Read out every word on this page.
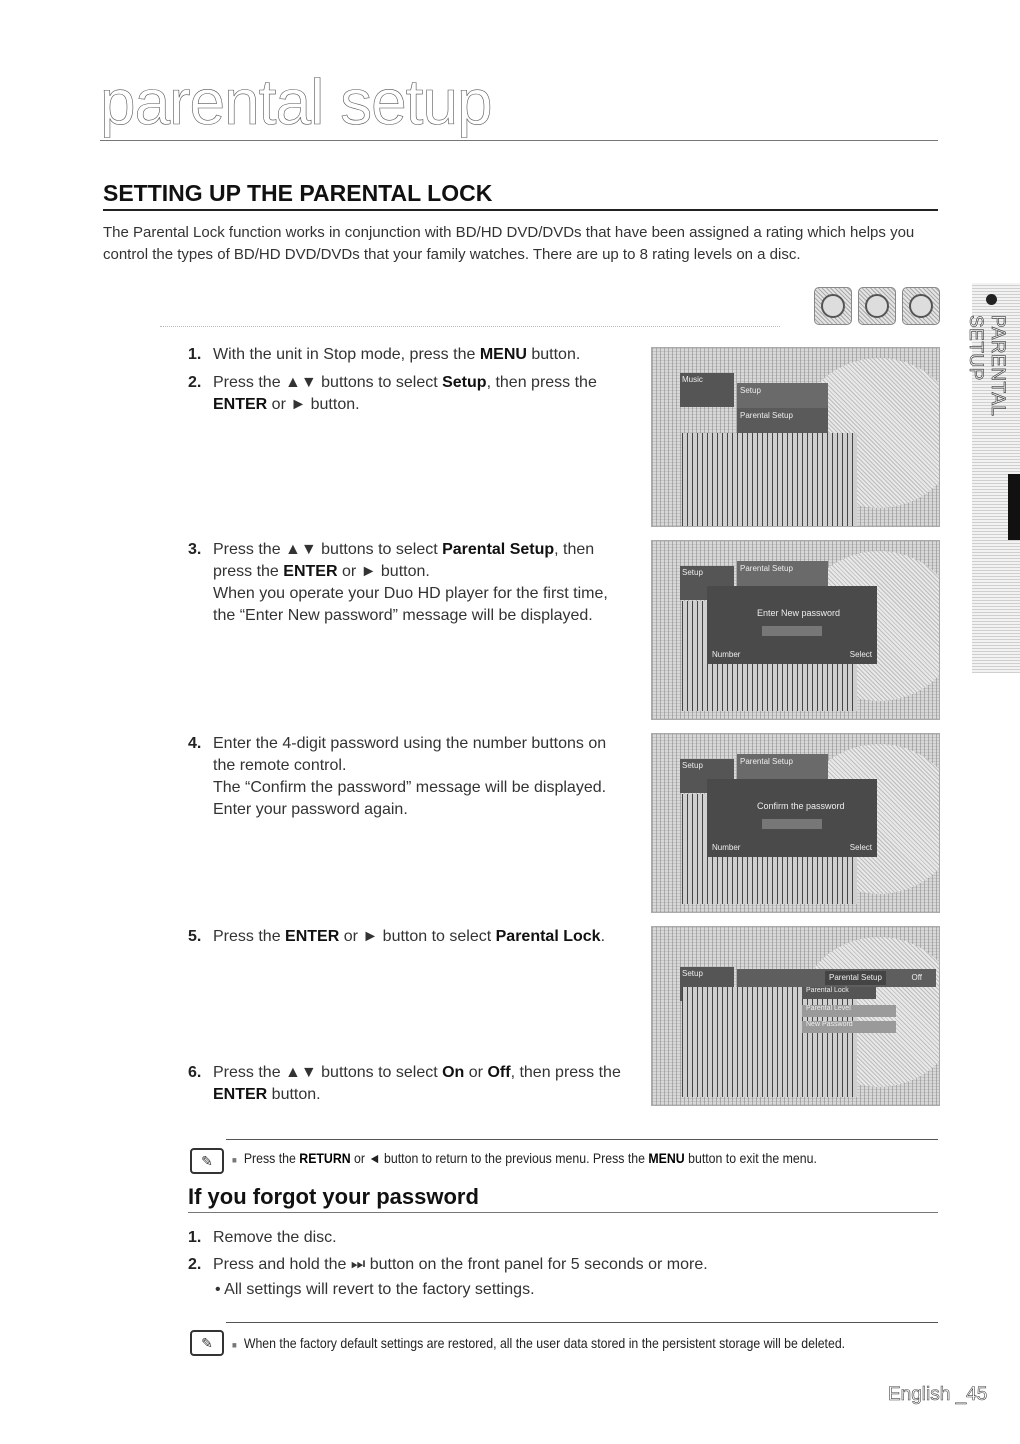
parental setup
SETTING UP THE PARENTAL LOCK
The Parental Lock function works in conjunction with BD/HD DVD/DVDs that have been assigned a rating which helps you control the types of BD/HD DVD/DVDs that your family watches. There are up to 8 rating levels on a disc.
PARENTAL SETUP
1. With the unit in Stop mode, press the MENU button.
2. Press the ▲▼ buttons to select Setup, then press the ENTER or ► button.
3. Press the ▲▼ buttons to select Parental Setup, then press the ENTER or ► button.
When you operate your Duo HD player for the first time, the “Enter New password” message will be displayed.
4. Enter the 4-digit password using the number buttons on the remote control.
The “Confirm the password” message will be displayed. Enter your password again.
5. Press the ENTER or ► button to select Parental Lock.
6. Press the ▲▼ buttons to select On or Off, then press the ENTER button.
Music
Setup
Parental Setup
Setup	Parental Setup
Enter New password
Number	Select
Setup	Parental Setup
Confirm the password
Number	Select
Setup	Parental Setup	Off
Parental Level
New Password
Parental Lock
✎	■ Press the RETURN or ◄ button to return to the previous menu. Press the MENU button to exit the menu.
If you forgot your password
1. Remove the disc.
2. Press and hold the ⏭ button on the front panel for 5 seconds or more.
• All settings will revert to the factory settings.
✎	■ When the factory default settings are restored, all the user data stored in the persistent storage will be deleted.
English _45
